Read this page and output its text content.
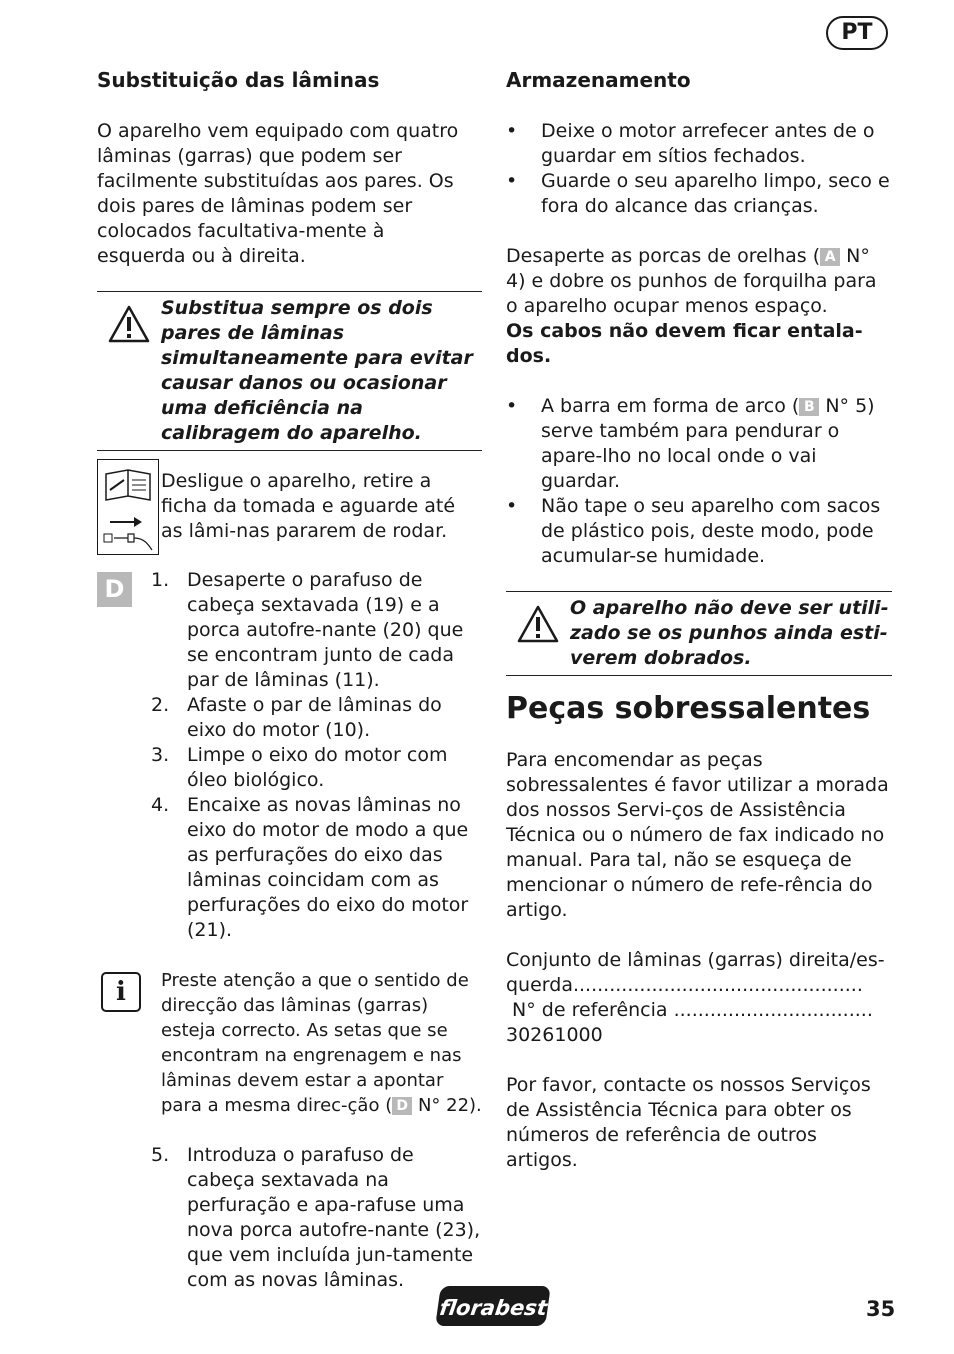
PT
Substituição das lâminas

O aparelho vem equipado com quatro lâminas (garras) que podem ser facilmente substituídas aos pares. Os dois pares de lâminas podem ser colocados facultativa-mente à esquerda ou à direita.

Substitua sempre os dois pares de lâminas simultaneamente para evitar causar danos ou ocasionar uma deficiência na calibragem do aparelho.

Desligue o aparelho, retire a ficha da tomada e aguarde até as lâmi-nas pararem de rodar.

D	1. Desaperte o parafuso de cabeça sextavada (19) e a porca autofre-nante (20) que se encontram junto de cada par de lâminas (11).
2. Afaste o par de lâminas do eixo do motor (10).
3. Limpe o eixo do motor com óleo biológico.
4. Encaixe as novas lâminas no eixo do motor de modo a que as perfurações do eixo das lâminas coincidam com as perfurações do eixo do motor (21).
i	Preste atenção a que o sentido de direcção das lâminas (garras) esteja correcto. As setas que se encontram na engrenagem e nas lâminas devem estar a apontar para a mesma direc-ção ( D N° 22).
5. Introduza o parafuso de cabeça sextavada na perfuração e apa-rafuse uma nova porca autofre-nante (23), que vem incluída jun-tamente com as novas lâminas.
Armazenamento
•	Deixe o motor arrefecer antes de o guardar em sítios fechados.
•	Guarde o seu aparelho limpo, seco e fora do alcance das crianças.

Desaperte as porcas de orelhas ( A N° 4) e dobre os punhos de forquilha para o aparelho ocupar menos espaço.

Os cabos não devem ficar entala-dos.

•	A barra em forma de arco ( B N° 5) serve também para pendurar o apare-lho no local onde o vai guardar.
•	Não tape o seu aparelho com sacos de plástico pois, deste modo, pode acumular-se humidade.
O aparelho não deve ser utili-zado se os punhos ainda esti-verem dobrados.
Peças sobressalentes

Para encomendar as peças sobressalentes é favor utilizar a morada dos nossos Servi-ços de Assistência Técnica ou o número de fax indicado no manual. Para tal, não se esqueça de mencionar o número de refe-rência do artigo.

Conjunto de lâminas (garras) direita/es-

querda................................................

N° de referência .................................

30261000

Por favor, contacte os nossos Serviços de Assistência Técnica para obter os números de referência de outros artigos.

florabest	35
